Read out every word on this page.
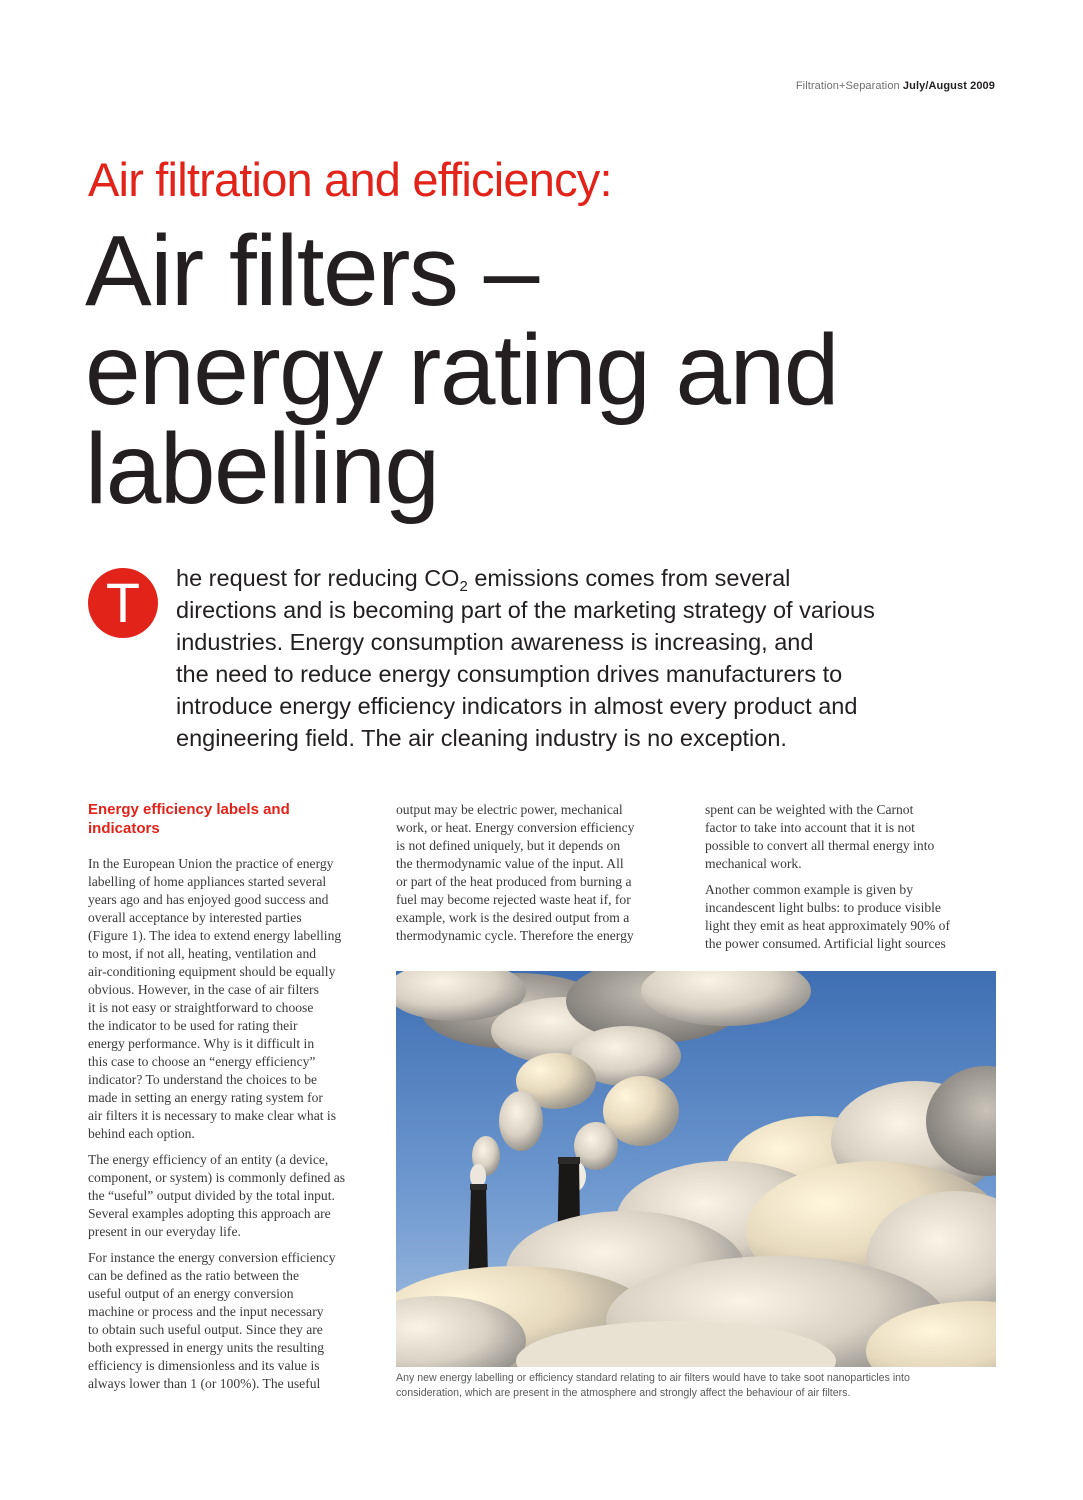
Filtration+Separation July/August 2009
Air filtration and efficiency:
Air filters –
energy rating and
labelling
T	he request for reducing $CO_2$ emissions comes from several
directions and is becoming part of the marketing strategy of various
industries. Energy consumption awareness is increasing, and
the need to reduce energy consumption drives manufacturers to
introduce energy efficiency indicators in almost every product and
engineering field. The air cleaning industry is no exception.
Energy efficiency labels and
indicators

In the European Union the practice of energy
labelling of home appliances started several
years ago and has enjoyed good success and
overall acceptance by interested parties
(Figure 1). The idea to extend energy labelling
to most, if not all, heating, ventilation and
air-conditioning equipment should be equally
obvious. However, in the case of air filters
it is not easy or straightforward to choose
the indicator to be used for rating their
energy performance. Why is it difficult in
this case to choose an “energy efficiency”
indicator? To understand the choices to be
made in setting an energy rating system for
air filters it is necessary to make clear what is
behind each option.

The energy efficiency of an entity (a device,
component, or system) is commonly defined as
the “useful” output divided by the total input.
Several examples adopting this approach are
present in our everyday life.

For instance the energy conversion efficiency
can be defined as the ratio between the
useful output of an energy conversion
machine or process and the input necessary
to obtain such useful output. Since they are
both expressed in energy units the resulting
efficiency is dimensionless and its value is
always lower than 1 (or 100%). The useful

output may be electric power, mechanical
work, or heat. Energy conversion efficiency
is not defined uniquely, but it depends on
the thermodynamic value of the input. All
or part of the heat produced from burning a
fuel may become rejected waste heat if, for
example, work is the desired output from a
thermodynamic cycle. Therefore the energy

spent can be weighted with the Carnot
factor to take into account that it is not
possible to convert all thermal energy into
mechanical work.

Another common example is given by
incandescent light bulbs: to produce visible
light they emit as heat approximately 90% of
the power consumed. Artificial light sources

Any new energy labelling or efficiency standard relating to air filters would have to take soot nanoparticles into
consideration, which are present in the atmosphere and strongly affect the behaviour of air filters.
